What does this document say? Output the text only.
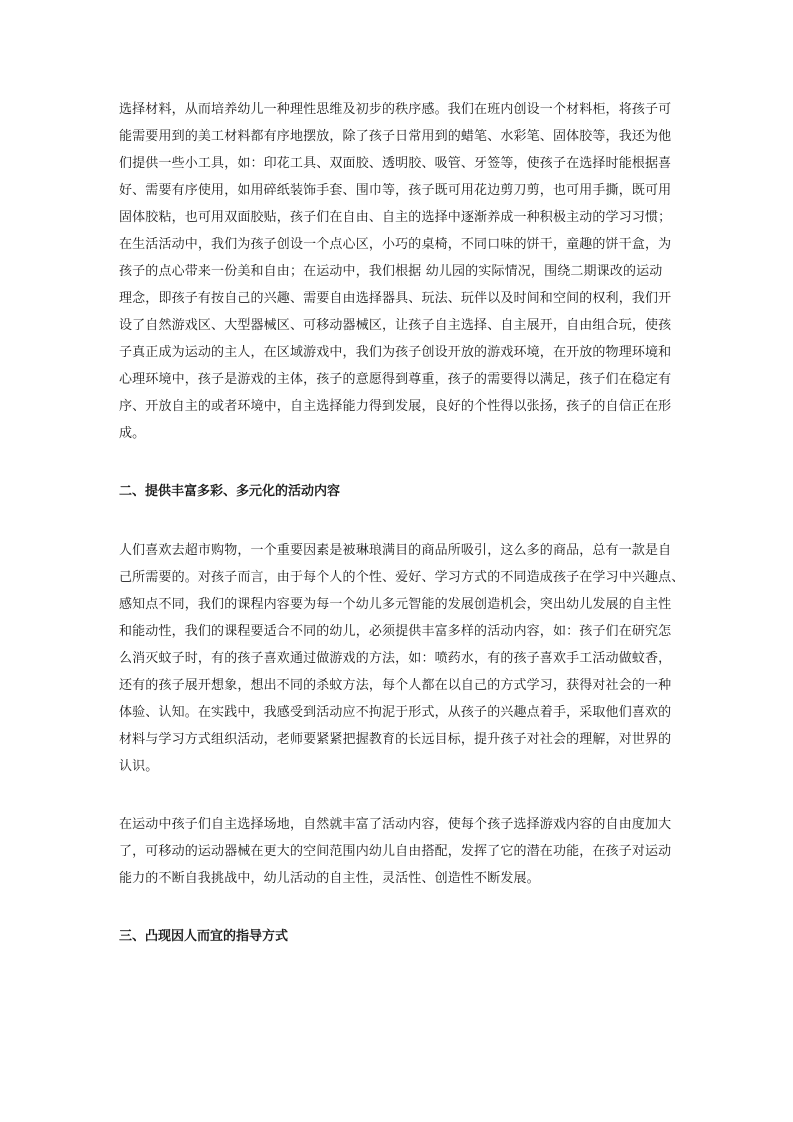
选择材料，从而培养幼儿一种理性思维及初步的秩序感。我们在班内创设一个材料柜，将孩子可
能需要用到的美工材料都有序地摆放，除了孩子日常用到的蜡笔、水彩笔、固体胶等，我还为他
们提供一些小工具，如：印花工具、双面胶、透明胶、吸管、牙签等，使孩子在选择时能根据喜
好、需要有序使用，如用碎纸装饰手套、围巾等，孩子既可用花边剪刀剪，也可用手撕，既可用
固体胶粘，也可用双面胶贴，孩子们在自由、自主的选择中逐渐养成一种积极主动的学习习惯；
在生活活动中，我们为孩子创设一个点心区，小巧的桌椅，不同口味的饼干，童趣的饼干盒，为
孩子的点心带来一份美和自由；在运动中，我们根据 幼儿园的实际情况，围绕二期课改的运动
理念，即孩子有按自己的兴趣、需要自由选择器具、玩法、玩伴以及时间和空间的权利，我们开
设了自然游戏区、大型器械区、可移动器械区，让孩子自主选择、自主展开，自由组合玩，使孩
子真正成为运动的主人，在区域游戏中，我们为孩子创设开放的游戏环境，在开放的物理环境和
心理环境中，孩子是游戏的主体，孩子的意愿得到尊重，孩子的需要得以满足，孩子们在稳定有
序、开放自主的或者环境中，自主选择能力得到发展，良好的个性得以张扬，孩子的自信正在形
成。

二、提供丰富多彩、多元化的活动内容

人们喜欢去超市购物，一个重要因素是被琳琅满目的商品所吸引，这么多的商品，总有一款是自
己所需要的。对孩子而言，由于每个人的个性、爱好、学习方式的不同造成孩子在学习中兴趣点、
感知点不同，我们的课程内容要为每一个幼儿多元智能的发展创造机会，突出幼儿发展的自主性
和能动性，我们的课程要适合不同的幼儿，必须提供丰富多样的活动内容，如：孩子们在研究怎
么消灭蚊子时，有的孩子喜欢通过做游戏的方法，如：喷药水，有的孩子喜欢手工活动做蚊香，
还有的孩子展开想象，想出不同的杀蚊方法，每个人都在以自己的方式学习，获得对社会的一种
体验、认知。在实践中，我感受到活动应不拘泥于形式，从孩子的兴趣点着手，采取他们喜欢的
材料与学习方式组织活动，老师要紧紧把握教育的长远目标，提升孩子对社会的理解，对世界的
认识。

在运动中孩子们自主选择场地，自然就丰富了活动内容，使每个孩子选择游戏内容的自由度加大
了，可移动的运动器械在更大的空间范围内幼儿自由搭配，发挥了它的潜在功能，在孩子对运动
能力的不断自我挑战中，幼儿活动的自主性，灵活性、创造性不断发展。

三、凸现因人而宜的指导方式
